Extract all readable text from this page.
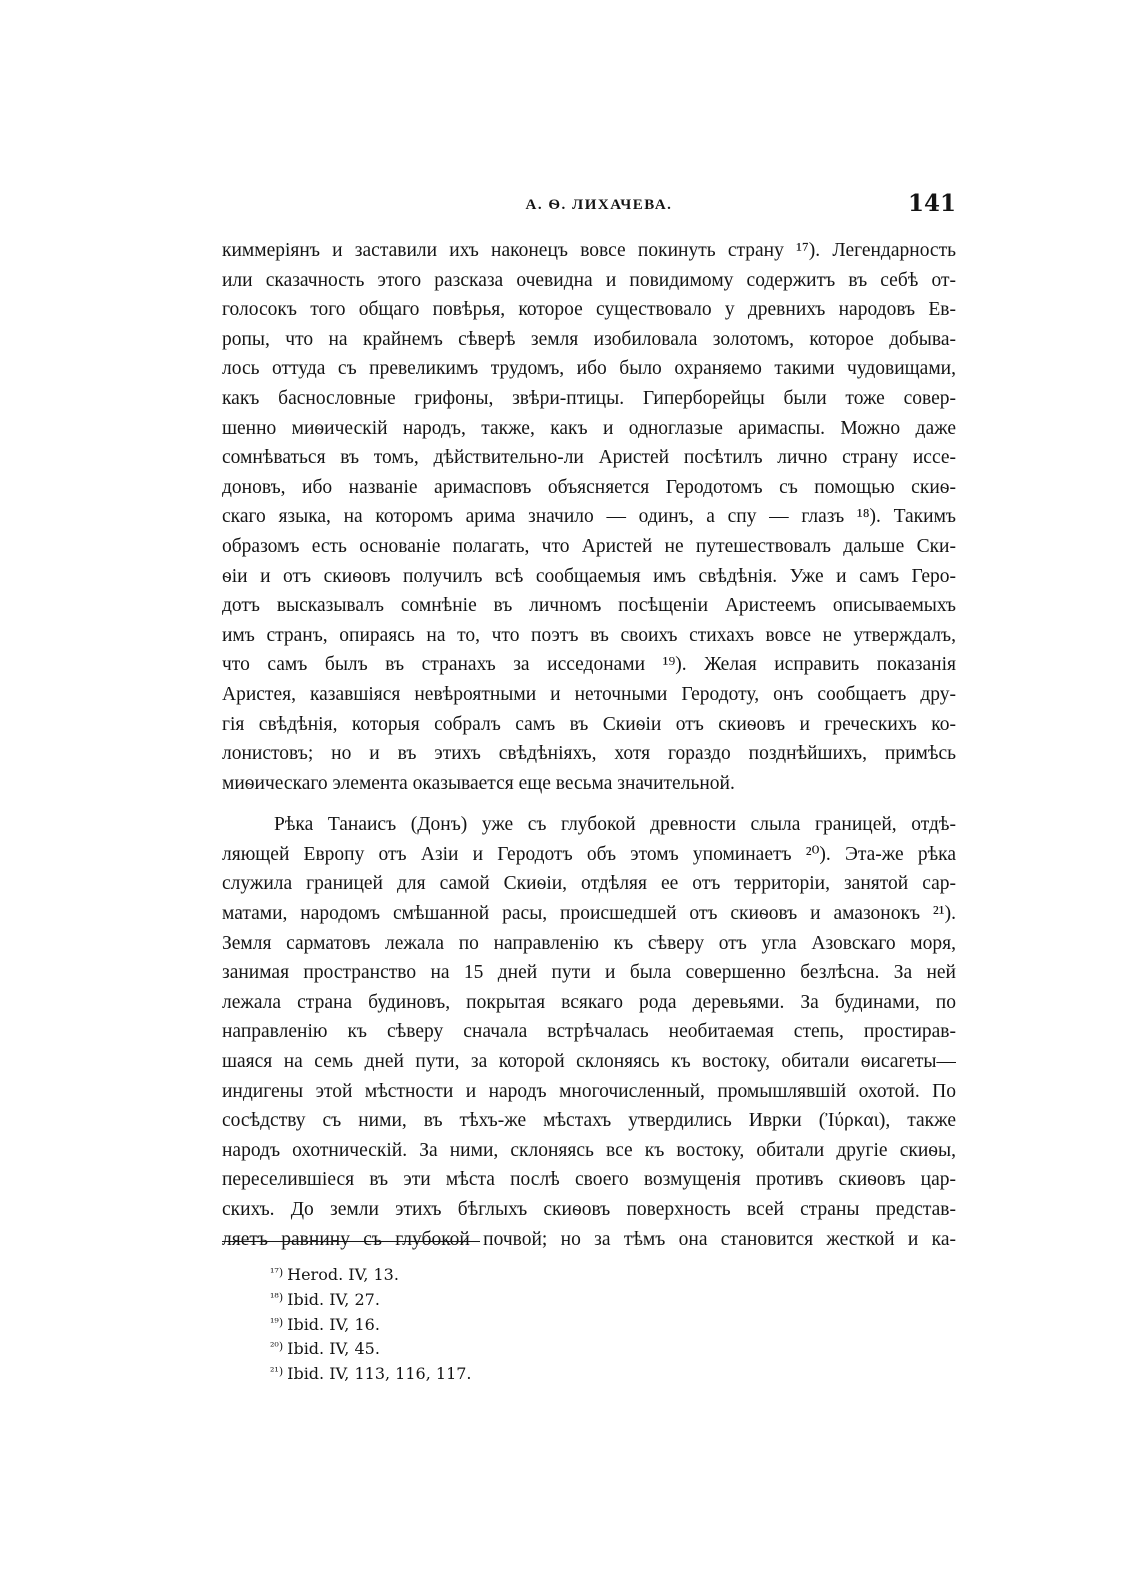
А. Ѳ. ЛИХАЧЕВА.	141
киммерiянъ и заставили ихъ наконецъ вовсе покинуть страну ¹⁷). Легендарность
или сказачность этого разсказа очевидна и повидимому содержитъ въ себѣ от-
голосокъ того общаго повѣрья, которое существовало у древнихъ народовъ Ев-
ропы, что на крайнемъ сѣверѣ земля изобиловала золотомъ, которое добыва-
лось оттуда съ превеликимъ трудомъ, ибо было охраняемо такими чудовищами,
какъ баснословные грифоны, звѣри-птицы. Гиперборейцы были тоже совер-
шенно миѳическiй народъ, также, какъ и одноглазые аримаспы. Можно даже
сомнѣваться въ томъ, дѣйствительно-ли Аристей посѣтилъ лично страну иссе-
доновъ, ибо названiе аримасповъ объясняется Геродотомъ съ помощью скиѳ-
скаго языка, на которомъ арима значило — одинъ, а спу — глазъ ¹⁸). Такимъ
образомъ есть основанiе полагать, что Аристей не путешествовалъ дальше Ски-
ѳiи и отъ скиѳовъ получилъ всѣ сообщаемыя имъ свѣдѣнiя. Уже и самъ Геро-
дотъ высказывалъ сомнѣнiе въ личномъ посѣщенiи Аристеемъ описываемыхъ
имъ странъ, опираясь на то, что поэтъ въ своихъ стихахъ вовсе не утверждалъ,
что самъ былъ въ странахъ за исседонами ¹⁹). Желая исправить показанiя
Аристея, казавшiяся невѣроятными и неточными Геродоту, онъ сообщаетъ дру-
гiя свѣдѣнiя, которыя собралъ самъ въ Скиѳiи отъ скиѳовъ и греческихъ ко-
лонистовъ; но и въ этихъ свѣдѣнiяхъ, хотя гораздо позднѣйшихъ, примѣсь
миѳическаго элемента оказывается еще весьма значительной.
Рѣка Танаисъ (Донъ) уже съ глубокой древности слыла границей, отдѣ-
ляющей Европу отъ Азiи и Геродотъ объ этомъ упоминаетъ ²⁰). Эта-же рѣка
служила границей для самой Скиѳiи, отдѣляя ее отъ территорiи, занятой сар-
матами, народомъ смѣшанной расы, происшедшей отъ скиѳовъ и амазонокъ ²¹).
Земля сарматовъ лежала по направленiю къ сѣверу отъ угла Азовскаго моря,
занимая пространство на 15 дней пути и была совершенно безлѣсна. За ней
лежала страна будиновъ, покрытая всякаго рода деревьями. За будинами, по
направленiю къ сѣверу сначала встрѣчалась необитаемая степь, простирав-
шаяся на семь дней пути, за которой склоняясь къ востоку, обитали ѳисагеты—
индигены этой мѣстности и народъ многочисленный, промышлявшiй охотой. По
сосѣдству съ ними, въ тѣхъ-же мѣстахъ утвердились Иврки (Ἰύρκαι), также
народъ охотническiй. За ними, склоняясь все къ востоку, обитали другiе скиѳы,
переселившiеся въ эти мѣста послѣ своего возмущенiя противъ скиѳовъ цар-
скихъ. До земли этихъ бѣглыхъ скиѳовъ поверхность всей страны представ-
ляетъ равнину съ глубокой почвой; но за тѣмъ она становится жесткой и ка-
$^{^{17})}$ Herod. IV, 13.
$^{^{18})}$ Ibid. IV, 27.
$^{^{19})}$ Ibid. IV, 16.
$^{^{20})}$ Ibid. IV, 45.
$^{^{21})}$ Ibid. IV, 113, 116, 117.
